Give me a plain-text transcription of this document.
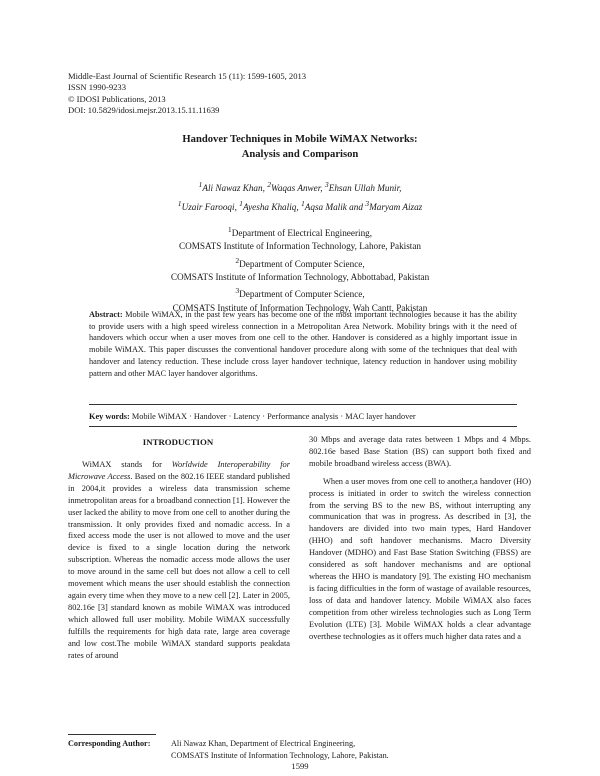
Middle-East Journal of Scientific Research 15 (11): 1599-1605, 2013
ISSN 1990-9233
© IDOSI Publications, 2013
DOI: 10.5829/idosi.mejsr.2013.15.11.11639
Handover Techniques in Mobile WiMAX Networks:
Analysis and Comparison
$^1$Ali Nawaz Khan, $^2$Waqas Anwer, $^3$Ehsan Ullah Munir,
$^1$Uzair Farooqi, $^1$Ayesha Khaliq, $^1$Aqsa Malik and $^3$Maryam Aizaz
$^1$Department of Electrical Engineering,
COMSATS Institute of Information Technology, Lahore, Pakistan
$^2$Department of Computer Science,
COMSATS Institute of Information Technology, Abbottabad, Pakistan
$^3$Department of Computer Science,
COMSATS Institute of Information Technology, Wah Cantt, Pakistan
Abstract: Mobile WiMAX, in the past few years has become one of the most important technologies because it has the ability to provide users with a high speed wireless connection in a Metropolitan Area Network. Mobility brings with it the need of handovers which occur when a user moves from one cell to the other. Handover is considered as a highly important issue in mobile WiMAX. This paper discusses the conventional handover procedure along with some of the techniques that deal with handover and latency reduction. These include cross layer handover technique, latency reduction in handover using mobility pattern and other MAC layer handover algorithms.
Key words: Mobile WiMAX · Handover · Latency · Performance analysis · MAC layer handover
INTRODUCTION

WiMAX stands for Worldwide Interoperability for Microwave Access. Based on the 802.16 IEEE standard published in 2004,it provides a wireless data transmission scheme inmetropolitan areas for a broadband connection [1]. However the user lacked the ability to move from one cell to another during the transmission. It only provides fixed and nomadic access. In a fixed access mode the user is not allowed to move and the user device is fixed to a single location during the network subscription. Whereas the nomadic access mode allows the user to move around in the same cell but does not allow a cell to cell movement which means the user should establish the connection again every time when they move to a new cell [2]. Later in 2005, 802.16e [3] standard known as mobile WiMAX was introduced which allowed full user mobility. Mobile WiMAX successfully fulfills the requirements for high data rate, large area coverage and low cost.The mobile WiMAX standard supports peakdata rates of around

30 Mbps and average data rates between 1 Mbps and 4 Mbps. 802.16e based Base Station (BS) can support both fixed and mobile broadband wireless access (BWA).

When a user moves from one cell to another,a handover (HO) process is initiated in order to switch the wireless connection from the serving BS to the new BS, without interrupting any communication that was in progress. As described in [3], the handovers are divided into two main types, Hard Handover (HHO) and soft handover mechanisms. Macro Diversity Handover (MDHO) and Fast Base Station Switching (FBSS) are considered as soft handover mechanisms and are optional whereas the HHO is mandatory [9]. The existing HO mechanism is facing difficulties in the form of wastage of available resources, loss of data and handover latency. Mobile WiMAX also faces competition from other wireless technologies such as Long Term Evolution (LTE) [3]. Mobile WiMAX holds a clear advantage overthese technologies as it offers much higher data rates and a

Corresponding Author:	Ali Nawaz Khan, Department of Electrical Engineering,
COMSATS Institute of Information Technology, Lahore, Pakistan.
1599
